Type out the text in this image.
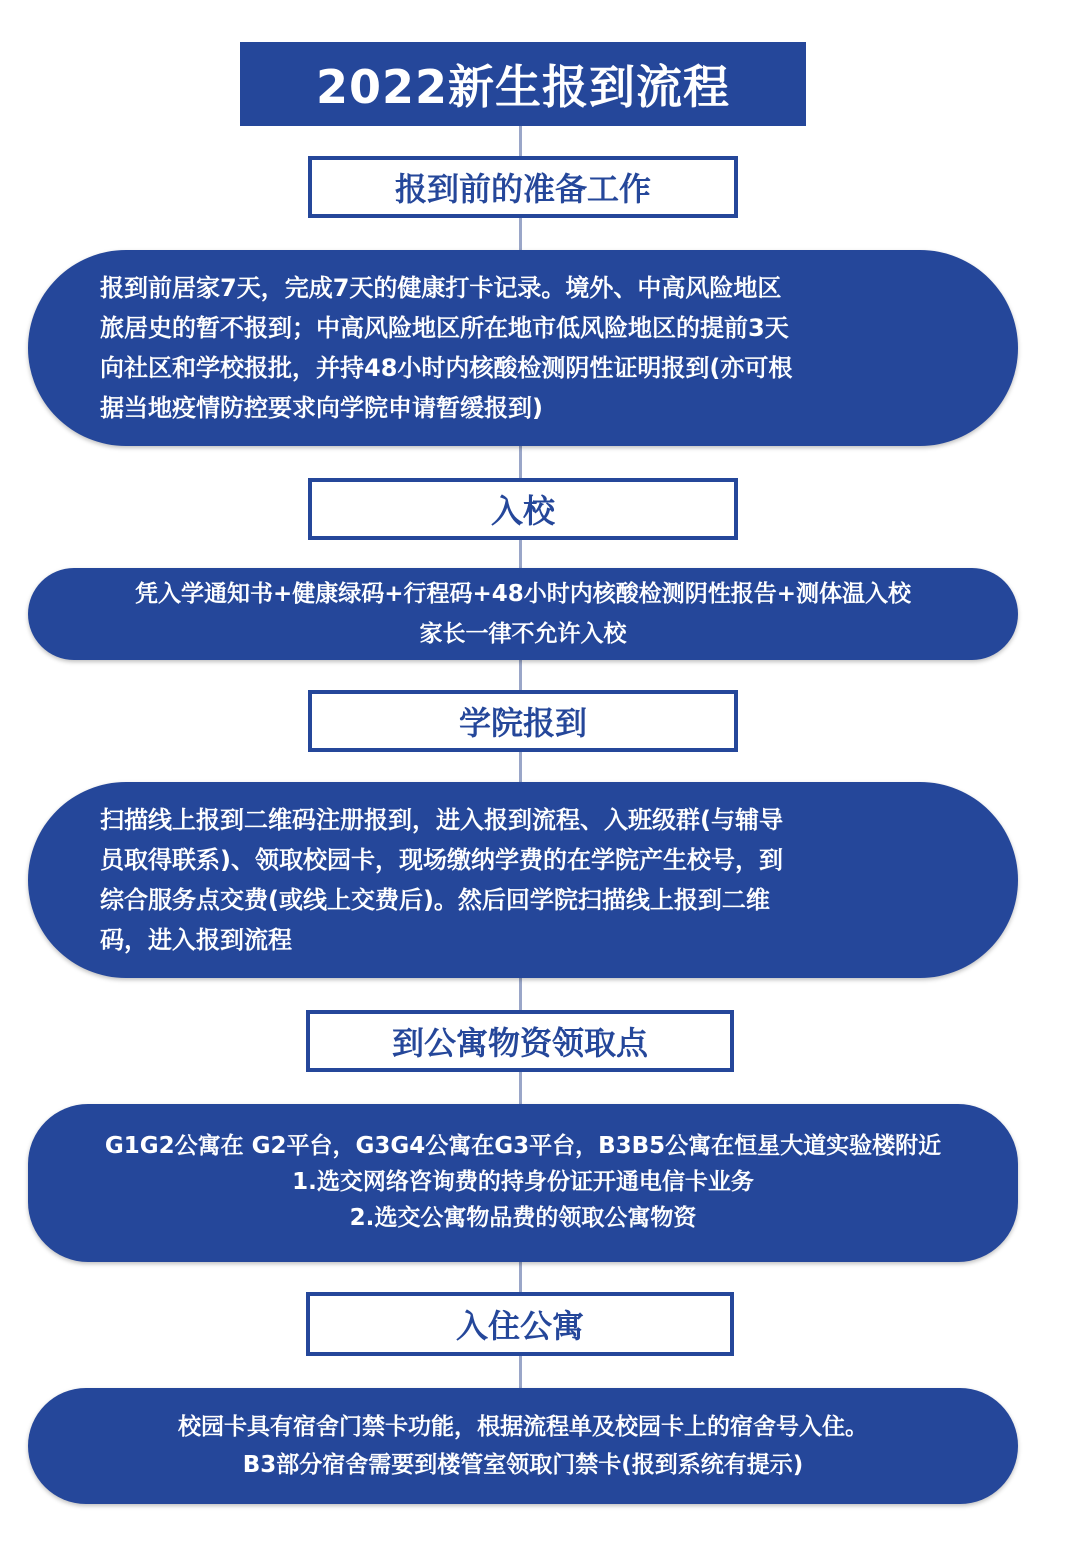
2022新生报到流程
报到前的准备工作
报到前居家7天，完成7天的健康打卡记录。境外、中高风险地区
旅居史的暂不报到；中高风险地区所在地市低风险地区的提前3天
向社区和学校报批，并持48小时内核酸检测阴性证明报到(亦可根
据当地疫情防控要求向学院申请暂缓报到)
入校
凭入学通知书+健康绿码+行程码+48小时内核酸检测阴性报告+测体温入校
家长一律不允许入校
学院报到
扫描线上报到二维码注册报到，进入报到流程、入班级群(与辅导
员取得联系)、领取校园卡，现场缴纳学费的在学院产生校号，到
综合服务点交费(或线上交费后)。然后回学院扫描线上报到二维
码，进入报到流程
到公寓物资领取点
G1G2公寓在 G2平台，G3G4公寓在G3平台，B3B5公寓在恒星大道实验楼附近
1.选交网络咨询费的持身份证开通电信卡业务
2.选交公寓物品费的领取公寓物资
入住公寓
校园卡具有宿舍门禁卡功能，根据流程单及校园卡上的宿舍号入住。
B3部分宿舍需要到楼管室领取门禁卡(报到系统有提示)
